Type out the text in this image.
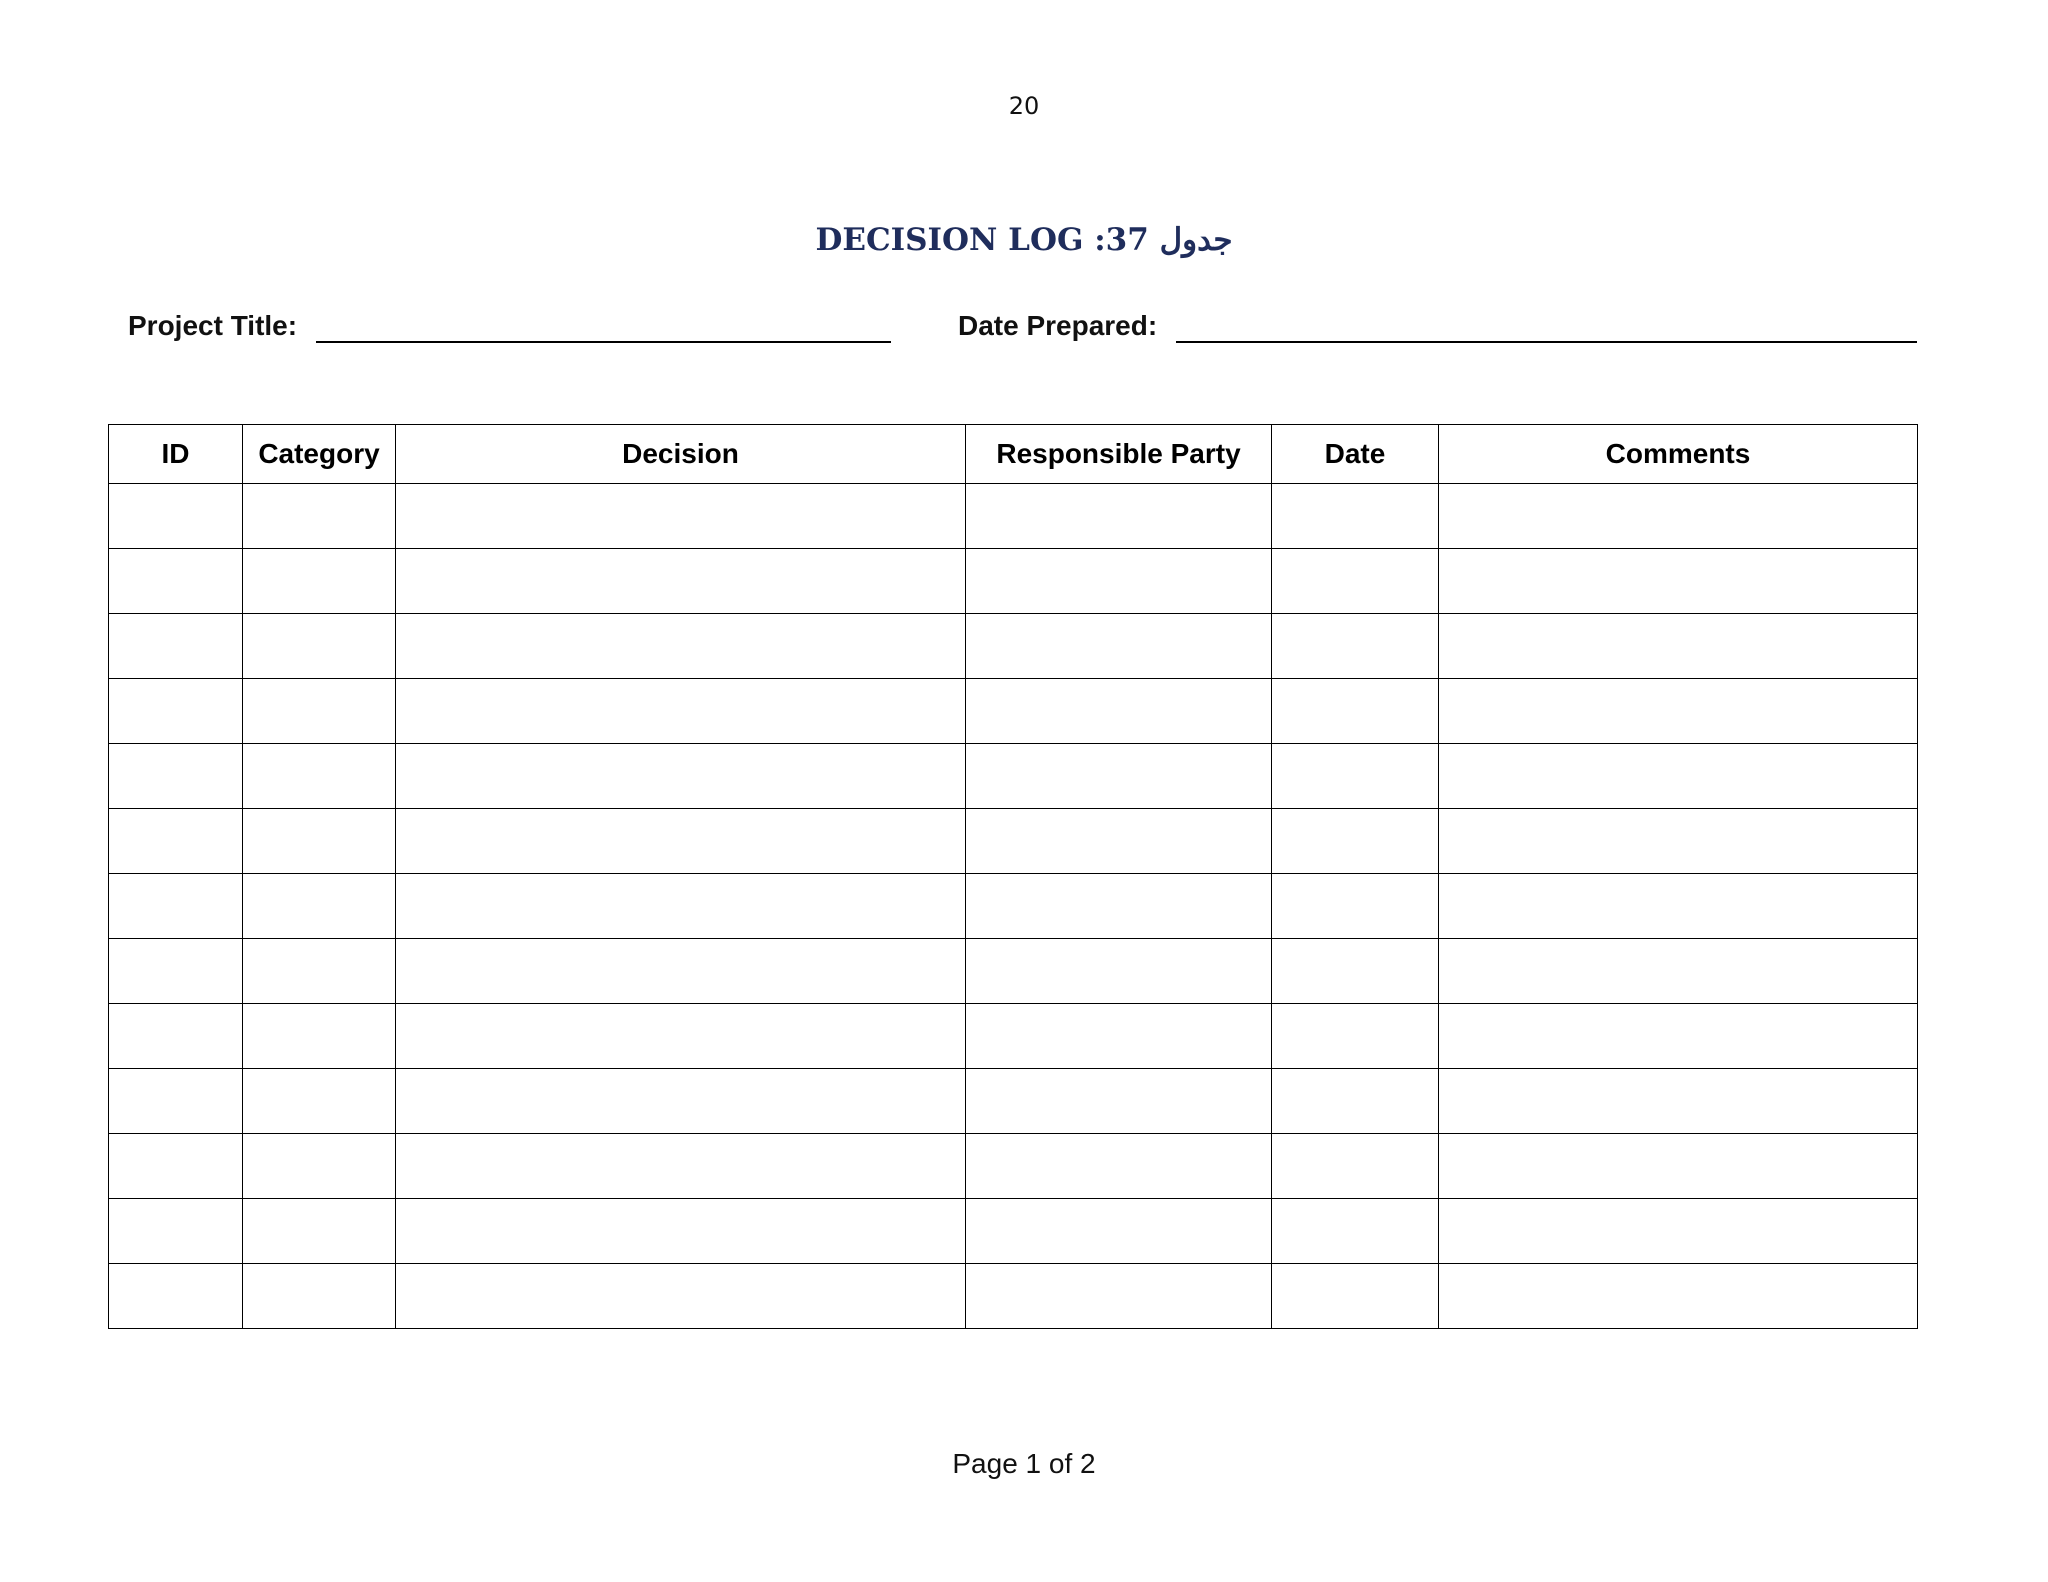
20
DECISION LOG :37 جدول
Project Title:	Date Prepared:
ID	Category	Decision	Responsible Party	Date	Comments

Page 1 of 2
